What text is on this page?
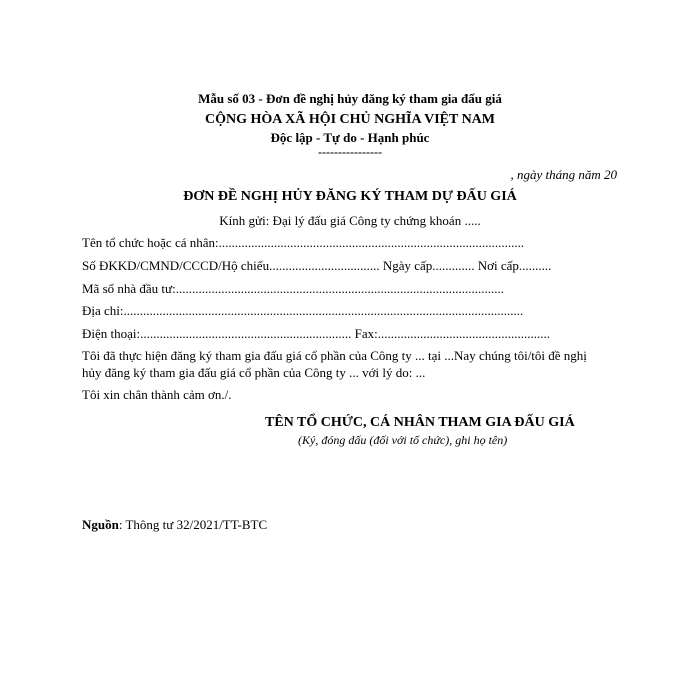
Mẫu số 03 - Đơn đề nghị hủy đăng ký tham gia đấu giá
CỘNG HÒA XÃ HỘI CHỦ NGHĨA VIỆT NAM
Độc lập - Tự do - Hạnh phúc
----------------
, ngày tháng năm 20
ĐƠN ĐỀ NGHỊ HỦY ĐĂNG KÝ THAM DỰ ĐẤU GIÁ
Kính gửi: Đại lý đấu giá Công ty chứng khoán .....
Tên tổ chức hoặc cá nhân:..............................................................................................
Số ĐKKD/CMND/CCCD/Hộ chiếu.................................. Ngày cấp............. Nơi cấp..........
Mã số nhà đầu tư:.....................................................................................................
Địa chỉ:...........................................................................................................................
Điện thoại:................................................................. Fax:.....................................................
Tôi đã thực hiện đăng ký tham gia đấu giá cổ phần của Công ty ... tại ...Nay chúng tôi/tôi đề nghị
hủy đăng ký tham gia đấu giá cổ phần của Công ty ... với lý do: ...
Tôi xin chân thành cảm ơn./.
TÊN TỔ CHỨC, CÁ NHÂN THAM GIA ĐẤU GIÁ
(Ký, đóng dấu (đối với tổ chức), ghi họ tên)
Nguồn: Thông tư 32/2021/TT-BTC
